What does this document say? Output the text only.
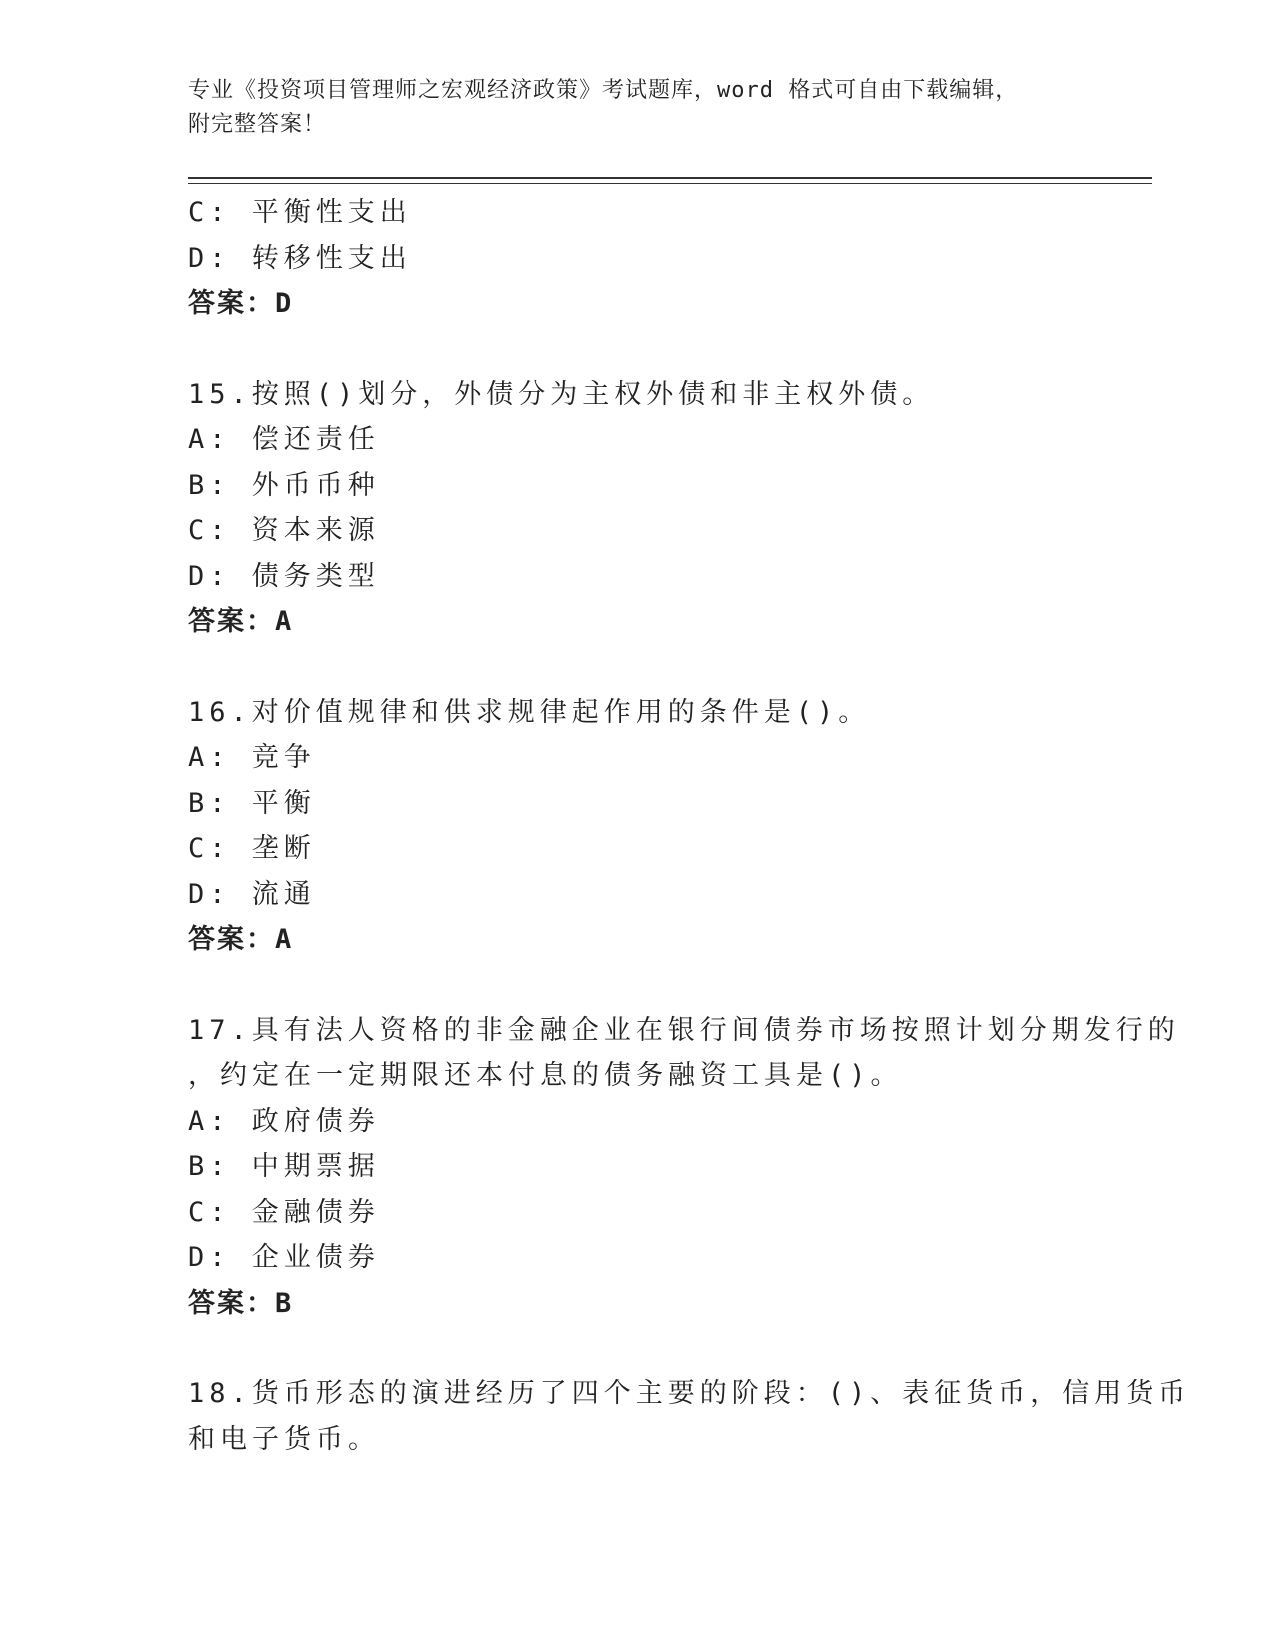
专业《投资项目管理师之宏观经济政策》考试题库，word 格式可自由下载编辑，
附完整答案！
C: 平衡性支出
D: 转移性支出
答案：D
15.按照()划分，外债分为主权外债和非主权外债。
A: 偿还责任
B: 外币币种
C: 资本来源
D: 债务类型
答案：A
16.对价值规律和供求规律起作用的条件是()。
A: 竞争
B: 平衡
C: 垄断
D: 流通
答案：A
17.具有法人资格的非金融企业在银行间债券市场按照计划分期发行的
，约定在一定期限还本付息的债务融资工具是()。
A: 政府债券
B: 中期票据
C: 金融债券
D: 企业债券
答案：B
18.货币形态的演进经历了四个主要的阶段：()、表征货币，信用货币
和电子货币。
